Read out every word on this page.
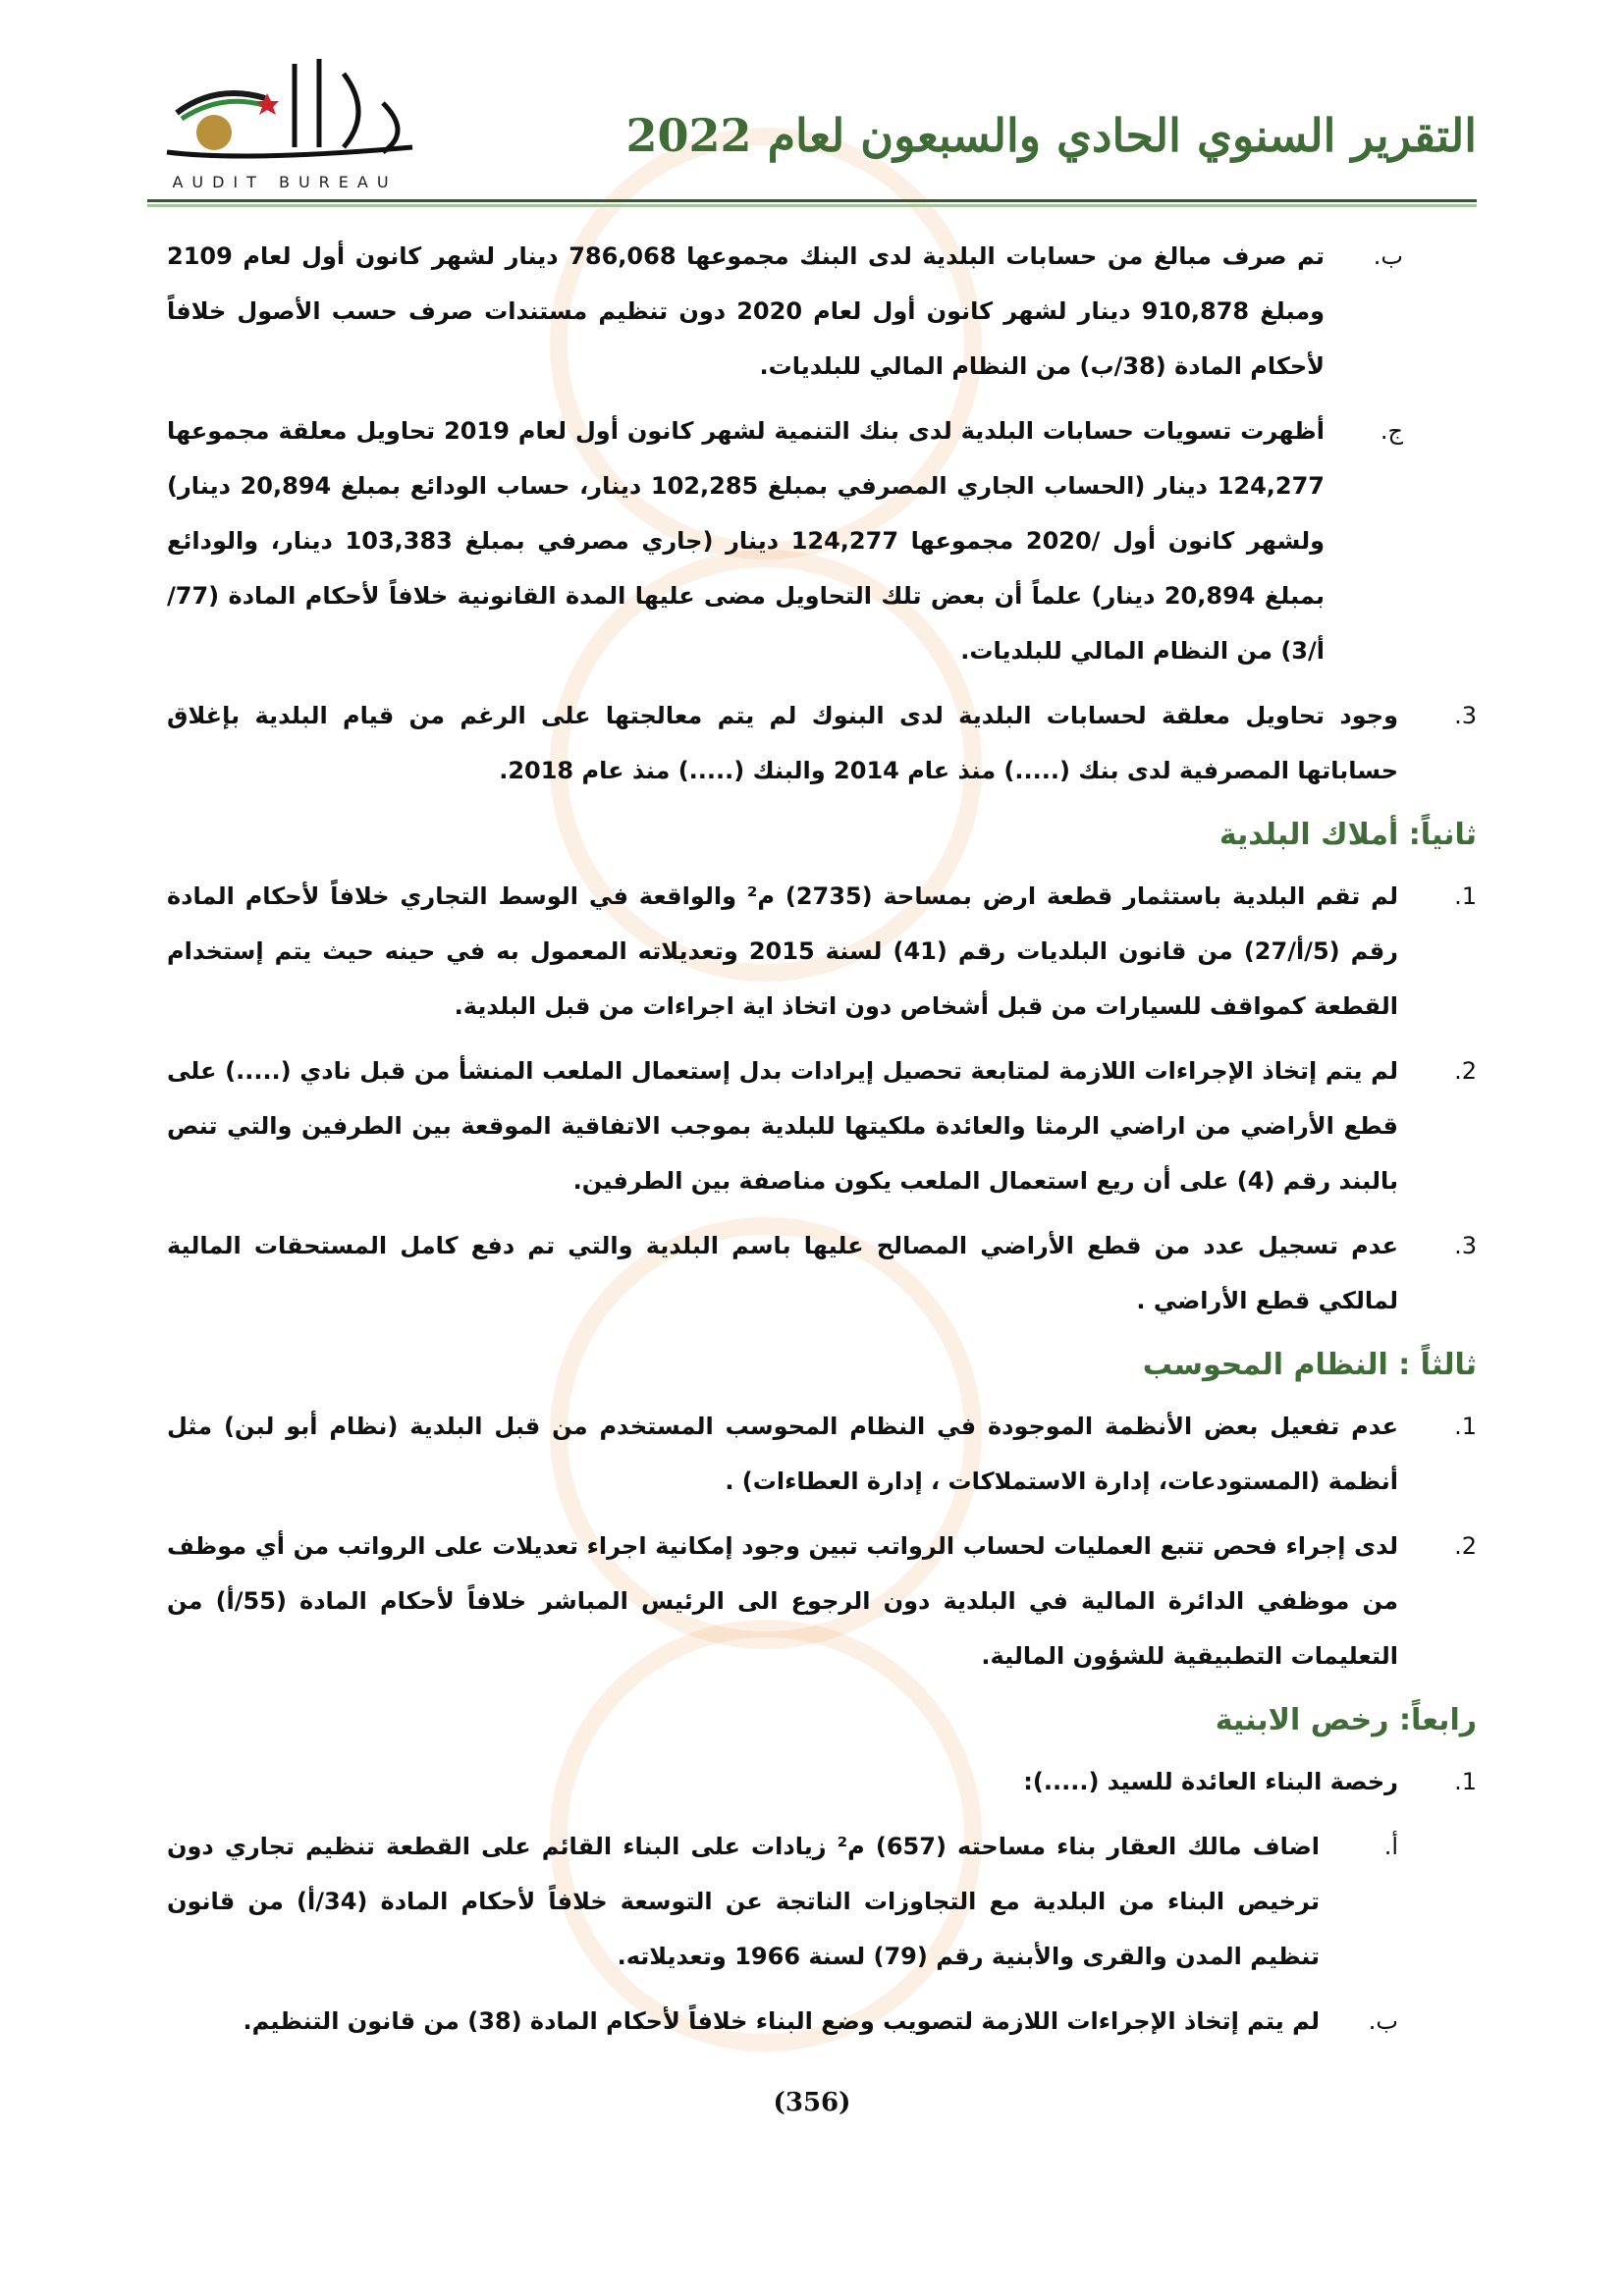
التقرير السنوي الحادي والسبعون لعام 2022
AUDIT BUREAU
ب.
تم صرف مبالغ من حسابات البلدية لدى البنك مجموعها 786,068 دينار لشهر كانون أول لعام 2109 ومبلغ 910,878 دينار لشهر كانون أول لعام 2020 دون تنظيم مستندات صرف حسب الأصول خلافاً لأحكام المادة (38/ب) من النظام المالي للبلديات.
ج.
أظهرت تسويات حسابات البلدية لدى بنك التنمية لشهر كانون أول لعام 2019 تحاويل معلقة مجموعها 124,277 دينار (الحساب الجاري المصرفي بمبلغ 102,285 دينار، حساب الودائع بمبلغ 20,894 دينار) ولشهر كانون أول /2020 مجموعها 124,277 دينار (جاري مصرفي بمبلغ 103,383 دينار، والودائع بمبلغ 20,894 دينار) علماً أن بعض تلك التحاويل مضى عليها المدة القانونية خلافاً لأحكام المادة (77/أ/3) من النظام المالي للبلديات.
3.
وجود تحاويل معلقة لحسابات البلدية لدى البنوك لم يتم معالجتها على الرغم من قيام البلدية بإغلاق حساباتها المصرفية لدى بنك (.....) منذ عام 2014 والبنك (.....) منذ عام 2018.
ثانياً: أملاك البلدية
1.
لم تقم البلدية باستثمار قطعة ارض بمساحة (2735) م² والواقعة في الوسط التجاري خلافاً لأحكام المادة رقم (5/أ/27) من قانون البلديات رقم (41) لسنة 2015 وتعديلاته المعمول به في حينه حيث يتم إستخدام القطعة كمواقف للسيارات من قبل أشخاص دون اتخاذ اية اجراءات من قبل البلدية.
2.
لم يتم إتخاذ الإجراءات اللازمة لمتابعة تحصيل إيرادات بدل إستعمال الملعب المنشأ من قبل نادي (.....) على قطع الأراضي من اراضي الرمثا والعائدة ملكيتها للبلدية بموجب الاتفاقية الموقعة بين الطرفين والتي تنص بالبند رقم (4) على أن ريع استعمال الملعب يكون مناصفة بين الطرفين.
3.
عدم تسجيل عدد من قطع الأراضي المصالح عليها باسم البلدية والتي تم دفع كامل المستحقات المالية لمالكي قطع الأراضي .
ثالثاً : النظام المحوسب
1.
عدم تفعيل بعض الأنظمة الموجودة في النظام المحوسب المستخدم من قبل البلدية (نظام أبو لبن) مثل أنظمة (المستودعات، إدارة الاستملاكات ، إدارة العطاءات) .
2.
لدى إجراء فحص تتبع العمليات لحساب الرواتب تبين وجود إمكانية اجراء تعديلات على الرواتب من أي موظف من موظفي الدائرة المالية في البلدية دون الرجوع الى الرئيس المباشر خلافاً لأحكام المادة (55/أ) من التعليمات التطبيقية للشؤون المالية.
رابعاً: رخص الابنية
1.
رخصة البناء العائدة للسيد (.....):
أ.
اضاف مالك العقار بناء مساحته (657) م² زيادات على البناء القائم على القطعة تنظيم تجاري دون ترخيص البناء من البلدية مع التجاوزات الناتجة عن التوسعة خلافاً لأحكام المادة (34/أ) من قانون تنظيم المدن والقرى والأبنية رقم (79) لسنة 1966 وتعديلاته.
ب.
لم يتم إتخاذ الإجراءات اللازمة لتصويب وضع البناء خلافاً لأحكام المادة (38) من قانون التنظيم.
(356)
